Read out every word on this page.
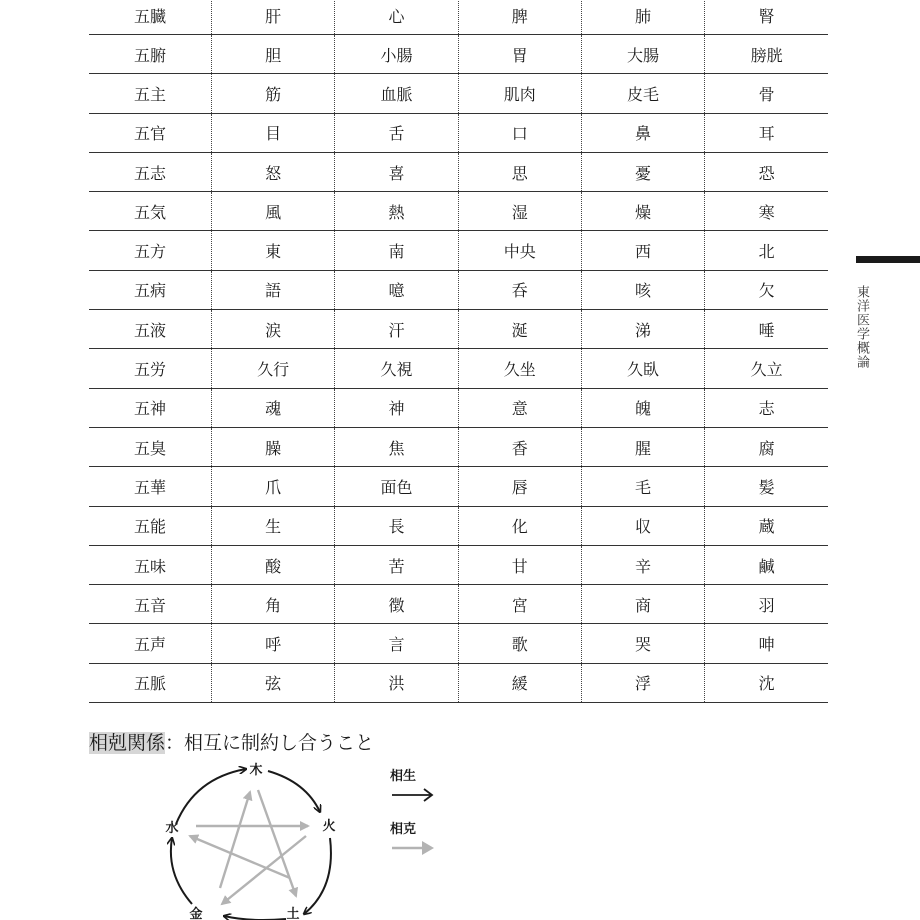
五臓	肝	心	脾	肺	腎
五腑	胆	小腸	胃	大腸	膀胱
五主	筋	血脈	肌肉	皮毛	骨
五官	目	舌	口	鼻	耳
五志	怒	喜	思	憂	恐
五気	風	熱	湿	燥	寒
五方	東	南	中央	西	北
五病	語	噫	呑	咳	欠
五液	涙	汗	涎	涕	唾
五労	久行	久視	久坐	久臥	久立
五神	魂	神	意	魄	志
五臭	臊	焦	香	腥	腐
五華	爪	面色	唇	毛	髪
五能	生	長	化	収	蔵
五味	酸	苦	甘	辛	鹹
五音	角	徴	宮	商	羽
五声	呼	言	歌	哭	呻
五脈	弦	洪	緩	浮	沈
東洋医学概論
相剋関係：相互に制約し合うこと
木
火
土
金
水
相生
相克
